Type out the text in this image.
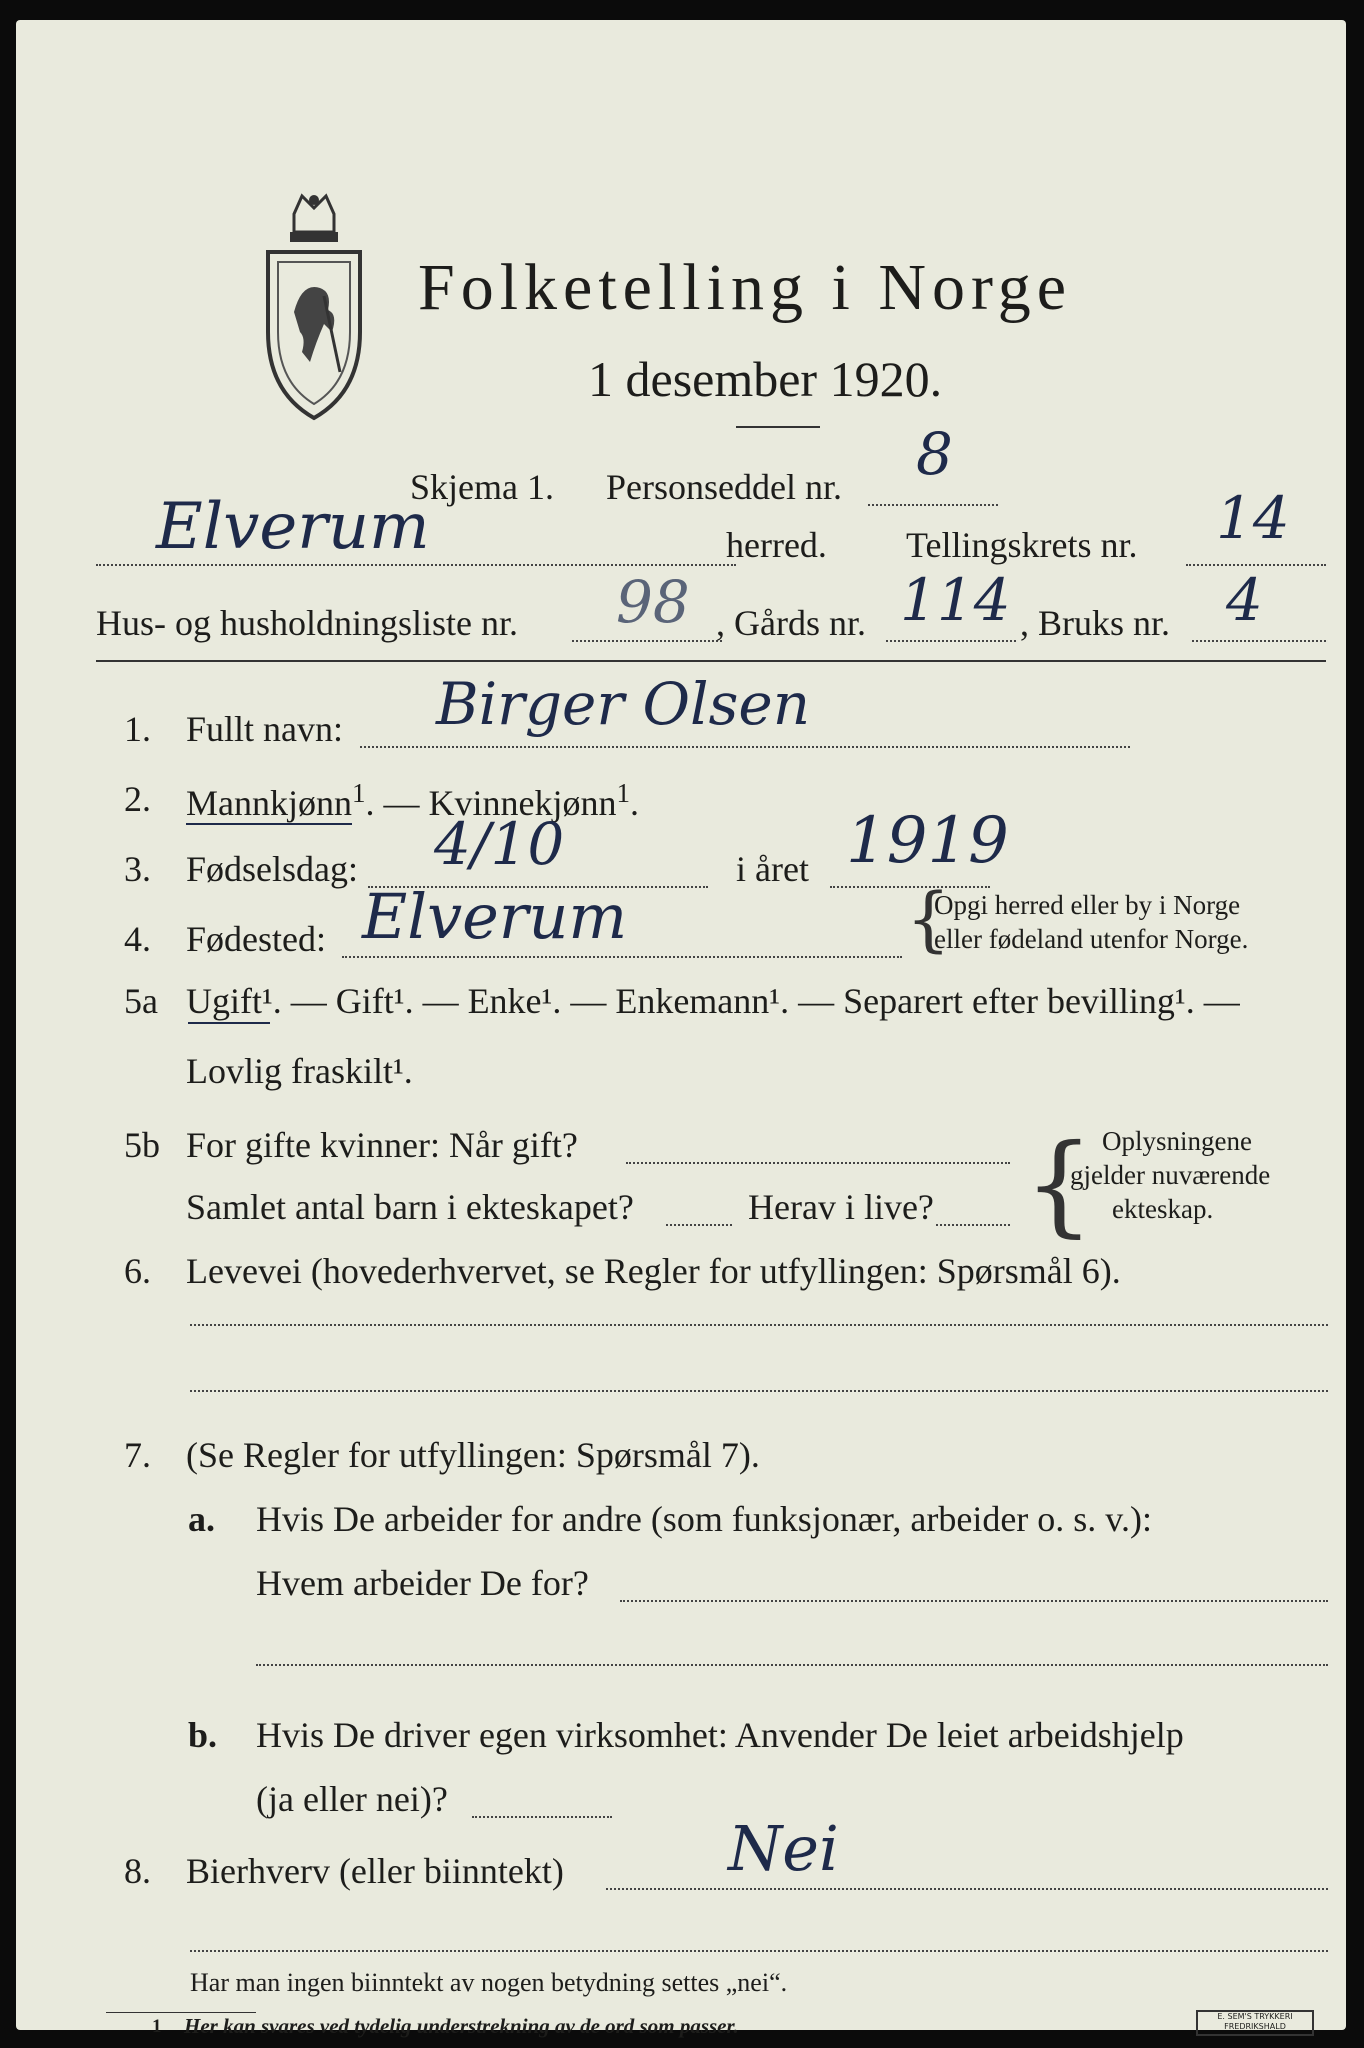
Folketelling i Norge
1 desember 1920.
Skjema 1. Personseddel nr. 8
Elverum	herred. Tellingskrets nr. 14
Hus- og husholdningsliste nr. 98 , Gårds nr. 114 , Bruks nr. 4
1. Fullt navn: Birger Olsen
2. Mannkjønn$^1$. — Kvinnekjønn$^1$.
3. Fødselsdag: 4/10	i året 1919
4. Fødested: Elverum	{
Opgi herred eller by i Norge
eller fødeland utenfor Norge.
5a Ugift¹. — Gift¹. — Enke¹. — Enkemann¹. — Separert efter bevilling¹. —
Lovlig fraskilt¹.
5b For gifte kvinner: Når gift?
Samlet antal barn i ekteskapet?	Herav i live? { Oplysningene
gjelder nuværende
ekteskap.
6. Levevei (hovederhvervet, se Regler for utfyllingen: Spørsmål 6).
7. (Se Regler for utfyllingen: Spørsmål 7).
a. Hvis De arbeider for andre (som funksjonær, arbeider o. s. v.):
Hvem arbeider De for?
b. Hvis De driver egen virksomhet: Anvender De leiet arbeidshjelp
(ja eller nei)?
8. Bierhverv (eller biinntekt)	Nei
Har man ingen biinntekt av nogen betydning settes „nei“.
1 Her kan svares ved tydelig understrekning av de ord som passer.	E. SEM'S TRYKKERI
FREDRIKSHALD
